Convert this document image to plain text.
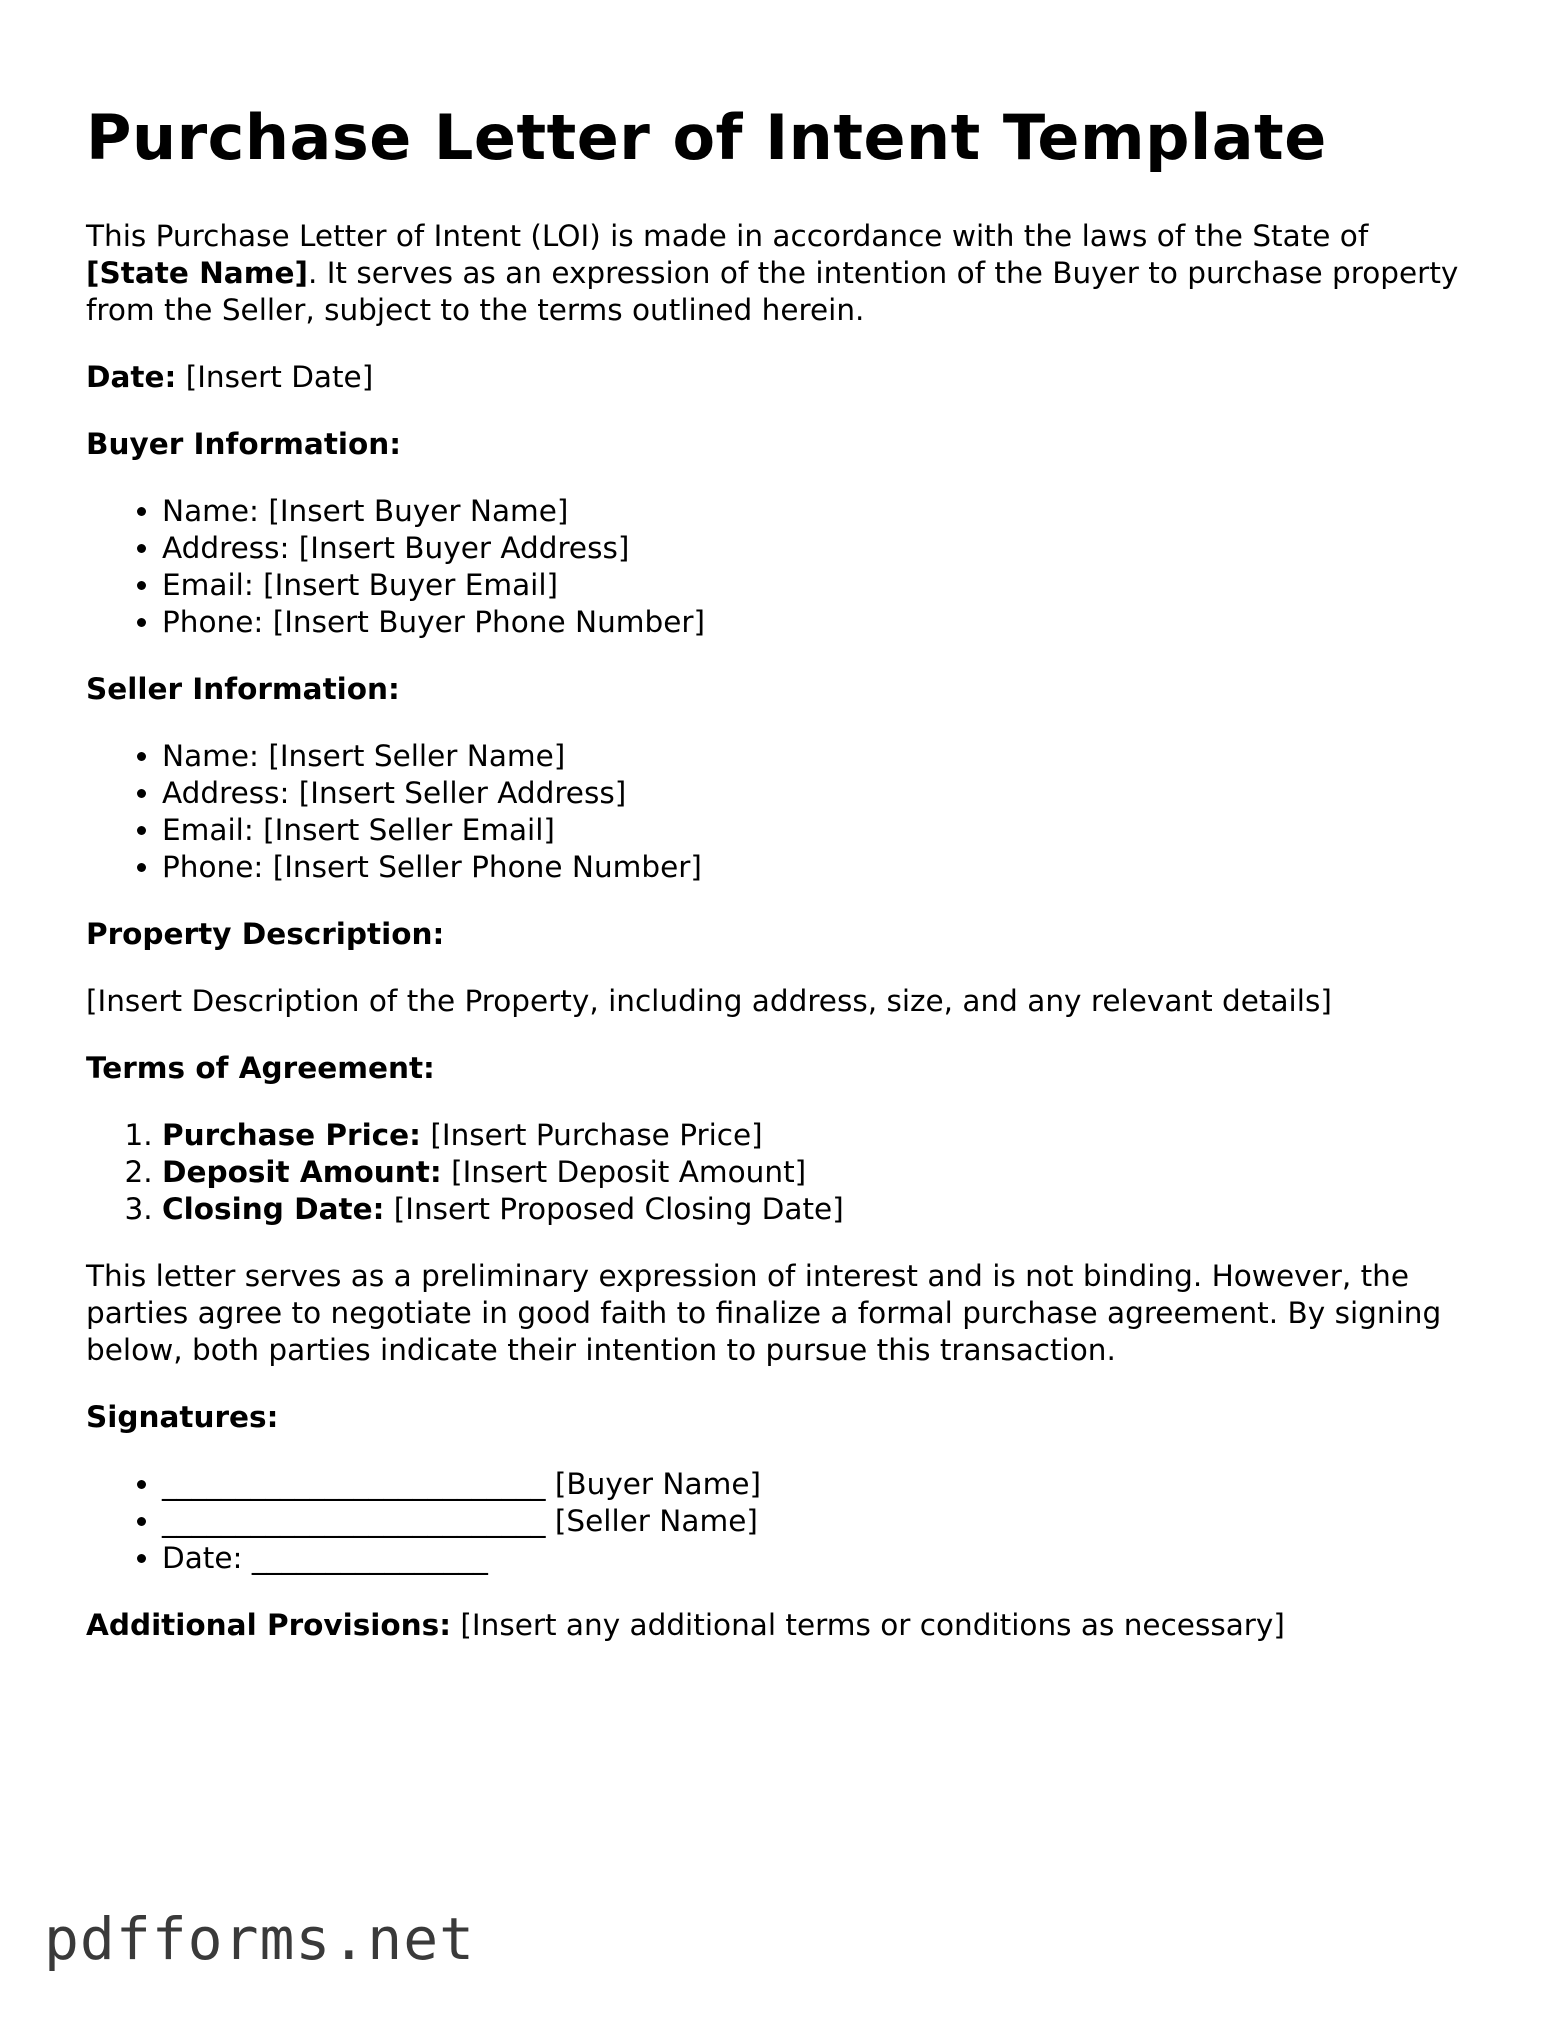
Purchase Letter of Intent Template

This Purchase Letter of Intent (LOI) is made in accordance with the laws of the State of
[State Name]. It serves as an expression of the intention of the Buyer to purchase property from the Seller, subject to the terms outlined herein.

Date: [Insert Date]

Buyer Information:

• Name: [Insert Buyer Name]
• Address: [Insert Buyer Address]
• Email: [Insert Buyer Email]
• Phone: [Insert Buyer Phone Number]

Seller Information:

• Name: [Insert Seller Name]
• Address: [Insert Seller Address]
• Email: [Insert Seller Email]
• Phone: [Insert Seller Phone Number]

Property Description:

[Insert Description of the Property, including address, size, and any relevant details]

Terms of Agreement:

1. Purchase Price: [Insert Purchase Price]
2. Deposit Amount: [Insert Deposit Amount]
3. Closing Date: [Insert Proposed Closing Date]

This letter serves as a preliminary expression of interest and is not binding. However, the parties agree to negotiate in good faith to finalize a formal purchase agreement. By signing below, both parties indicate their intention to pursue this transaction.

Signatures:

• __________________________ [Buyer Name]
• __________________________ [Seller Name]
• Date: ________________

Additional Provisions: [Insert any additional terms or conditions as necessary]

pdfforms.net
